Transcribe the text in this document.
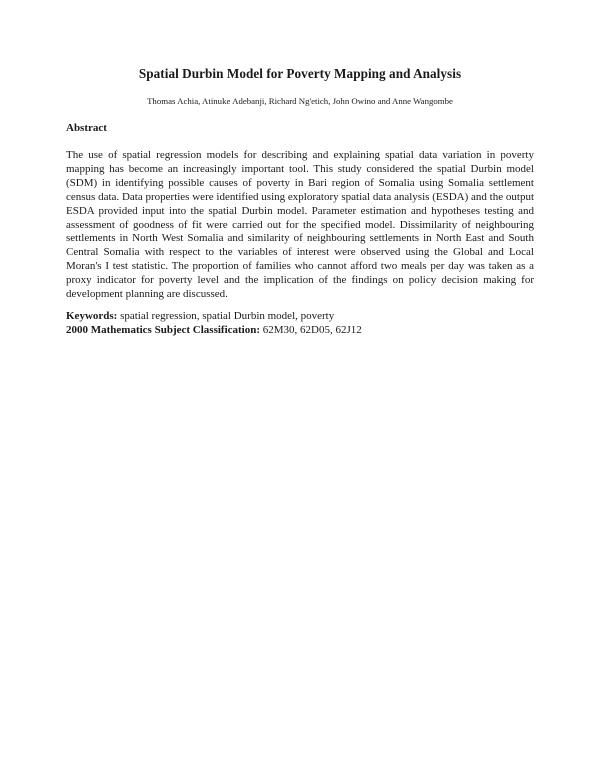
Spatial Durbin Model for Poverty Mapping and Analysis
Thomas Achia, Atinuke Adebanji, Richard Ng'etich, John Owino and Anne Wangombe
Abstract
The use of spatial regression models for describing and explaining spatial data variation in poverty mapping has become an increasingly important tool. This study considered the spatial Durbin model (SDM) in identifying possible causes of poverty in Bari region of Somalia using Somalia settlement census data. Data properties were identified using exploratory spatial data analysis (ESDA) and the output ESDA provided input into the spatial Durbin model. Parameter estimation and hypotheses testing and assessment of goodness of fit were carried out for the specified model. Dissimilarity of neighbouring settlements in North West Somalia and similarity of neighbouring settlements in North East and South Central Somalia with respect to the variables of interest were observed using the Global and Local Moran's I test statistic. The proportion of families who cannot afford two meals per day was taken as a proxy indicator for poverty level and the implication of the findings on policy decision making for development planning are discussed.
Keywords: spatial regression, spatial Durbin model, poverty
2000 Mathematics Subject Classification: 62M30, 62D05, 62J12
